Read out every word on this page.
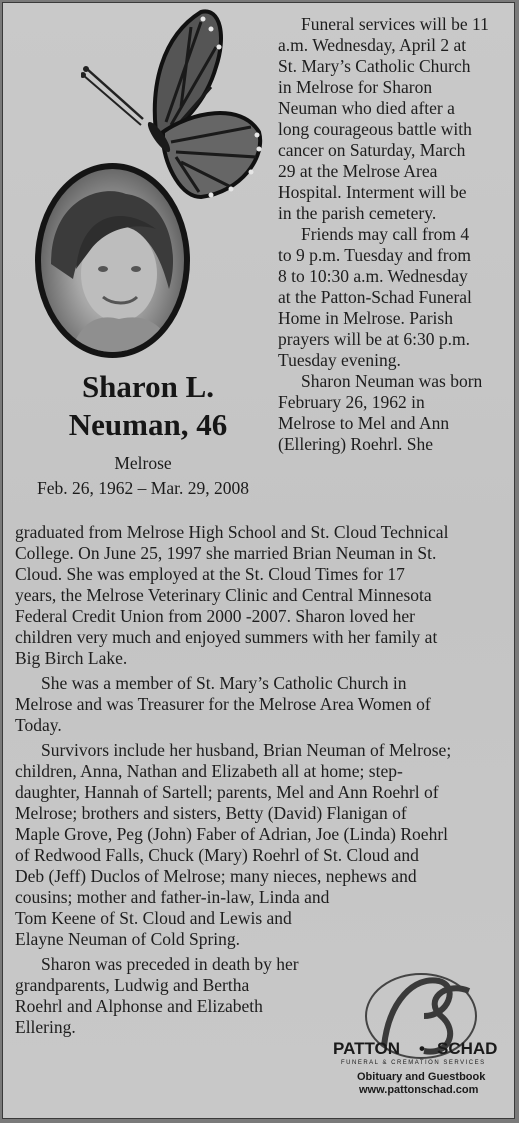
Sharon L.
Neuman, 46
Melrose
Feb. 26, 1962 – Mar. 29, 2008
Funeral services will be 11
a.m. Wednesday, April 2 at
St. Mary’s Catholic Church
in Melrose for Sharon
Neuman who died after a
long courageous battle with
cancer on Saturday, March
29 at the Melrose Area
Hospital. Interment will be
in the parish cemetery.
Friends may call from 4
to 9 p.m. Tuesday and from
8 to 10:30 a.m. Wednesday
at the Patton-Schad Funeral
Home in Melrose. Parish
prayers will be at 6:30 p.m.
Tuesday evening.
Sharon Neuman was born
February 26, 1962 in
Melrose to Mel and Ann
(Ellering) Roehrl. She
graduated from Melrose High School and St. Cloud Technical
College. On June 25, 1997 she married Brian Neuman in St.
Cloud. She was employed at the St. Cloud Times for 17
years, the Melrose Veterinary Clinic and Central Minnesota
Federal Credit Union from 2000 -2007. Sharon loved her
children very much and enjoyed summers with her family at
Big Birch Lake.
She was a member of St. Mary’s Catholic Church in
Melrose and was Treasurer for the Melrose Area Women of
Today.
Survivors include her husband, Brian Neuman of Melrose;
children, Anna, Nathan and Elizabeth all at home; step-
daughter, Hannah of Sartell; parents, Mel and Ann Roehrl of
Melrose; brothers and sisters, Betty (David) Flanigan of
Maple Grove, Peg (John) Faber of Adrian, Joe (Linda) Roehrl
of Redwood Falls, Chuck (Mary) Roehrl of St. Cloud and
Deb (Jeff) Duclos of Melrose; many nieces, nephews and
cousins; mother and father-in-law, Linda and
Tom Keene of St. Cloud and Lewis and
Elayne Neuman of Cold Spring.
Sharon was preceded in death by her
grandparents, Ludwig and Bertha
Roehrl and Alphonse and Elizabeth
Ellering.	PS
PATTON • SCHAD
FUNERAL & CREMATION SERVICES
Obituary and Guestbook
www.pattonschad.com
